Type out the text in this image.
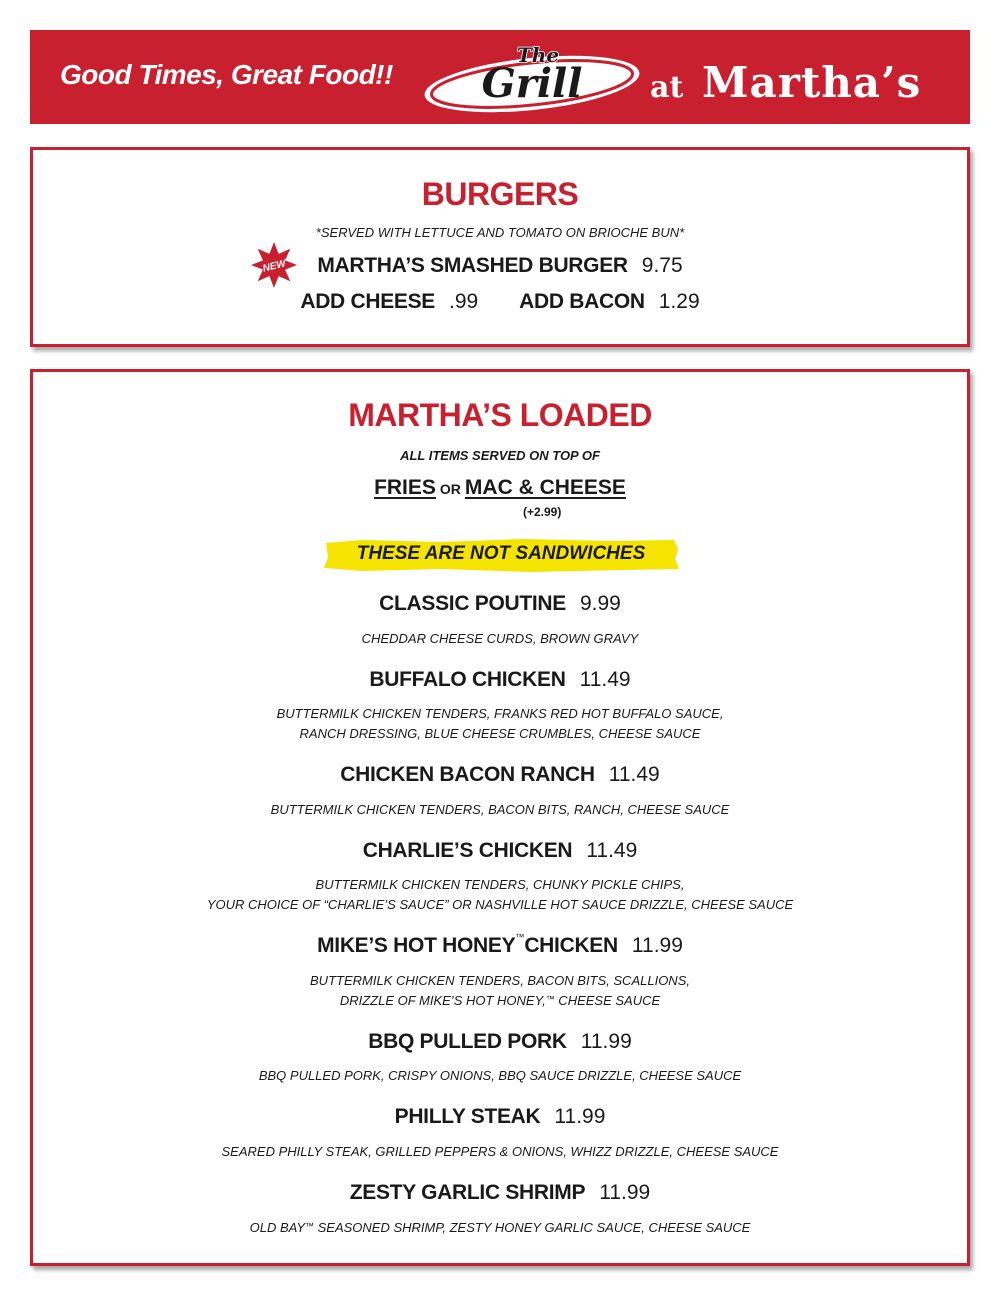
Good Times, Great Food!!
The
Grill at Martha’s
BURGERS
*SERVED WITH LETTUCE AND TOMATO ON BRIOCHE BUN*
NEW	MARTHA’S SMASHED BURGER 9.75
ADD CHEESE .99 ADD BACON 1.29
MARTHA’S LOADED
ALL ITEMS SERVED ON TOP OF
FRIES OR MAC & CHEESE
(+2.99)
THESE ARE NOT SANDWICHES
CLASSIC POUTINE 9.99
CHEDDAR CHEESE CURDS, BROWN GRAVY
BUFFALO CHICKEN 11.49
BUTTERMILK CHICKEN TENDERS, FRANKS RED HOT BUFFALO SAUCE,
RANCH DRESSING, BLUE CHEESE CRUMBLES, CHEESE SAUCE
CHICKEN BACON RANCH 11.49
BUTTERMILK CHICKEN TENDERS, BACON BITS, RANCH, CHEESE SAUCE
CHARLIE’S CHICKEN 11.49
BUTTERMILK CHICKEN TENDERS, CHUNKY PICKLE CHIPS,
YOUR CHOICE OF “CHARLIE’S SAUCE” OR NASHVILLE HOT SAUCE DRIZZLE, CHEESE SAUCE
MIKE’S HOT HONEY™CHICKEN 11.99
BUTTERMILK CHICKEN TENDERS, BACON BITS, SCALLIONS,
DRIZZLE OF MIKE’S HOT HONEY,™ CHEESE SAUCE
BBQ PULLED PORK 11.99
BBQ PULLED PORK, CRISPY ONIONS, BBQ SAUCE DRIZZLE, CHEESE SAUCE
PHILLY STEAK 11.99
SEARED PHILLY STEAK, GRILLED PEPPERS & ONIONS, WHIZZ DRIZZLE, CHEESE SAUCE
ZESTY GARLIC SHRIMP 11.99
OLD BAY™ SEASONED SHRIMP, ZESTY HONEY GARLIC SAUCE, CHEESE SAUCE
